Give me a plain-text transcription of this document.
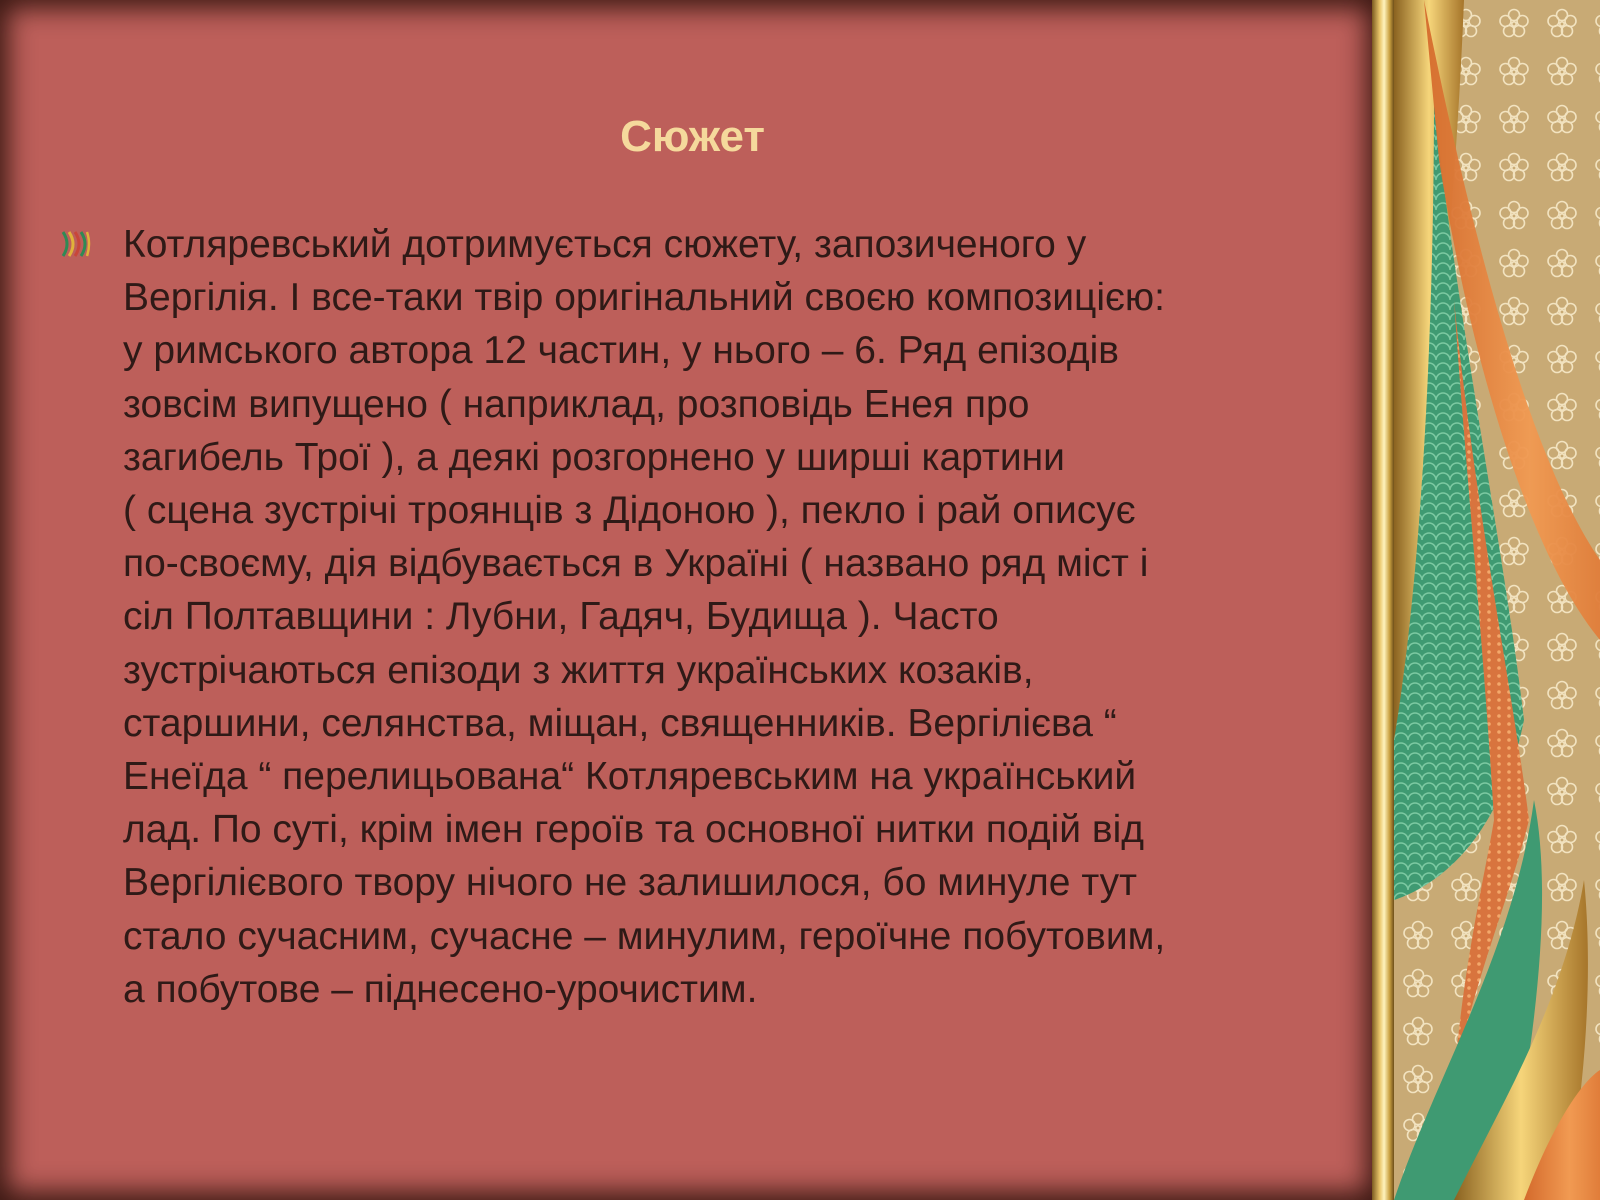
Сюжет
Котляревський дотримується сюжету, запозиченого у
Вергілія. І все-таки твір оригінальний своєю композицією:
у римського автора 12 частин, у нього – 6. Ряд епізодів
зовсім випущено ( наприклад, розповідь Енея про
загибель Трої ), а деякі розгорнено у ширші картини
( сцена зустрічі троянців з Дідоною ), пекло і рай описує
по-своєму, дія відбувається в Україні ( названо ряд міст і
сіл Полтавщини : Лубни, Гадяч, Будища ). Часто
зустрічаються епізоди з життя українських козаків,
старшини, селянства, міщан, священників. Вергілієва “
Енеїда “ перелицьована“ Котляревським на український
лад. По суті, крім імен героїв та основної нитки подій від
Вергілієвого твору нічого не залишилося, бо минуле тут
стало сучасним, сучасне – минулим, героїчне побутовим,
а побутове – піднесено-урочистим.
